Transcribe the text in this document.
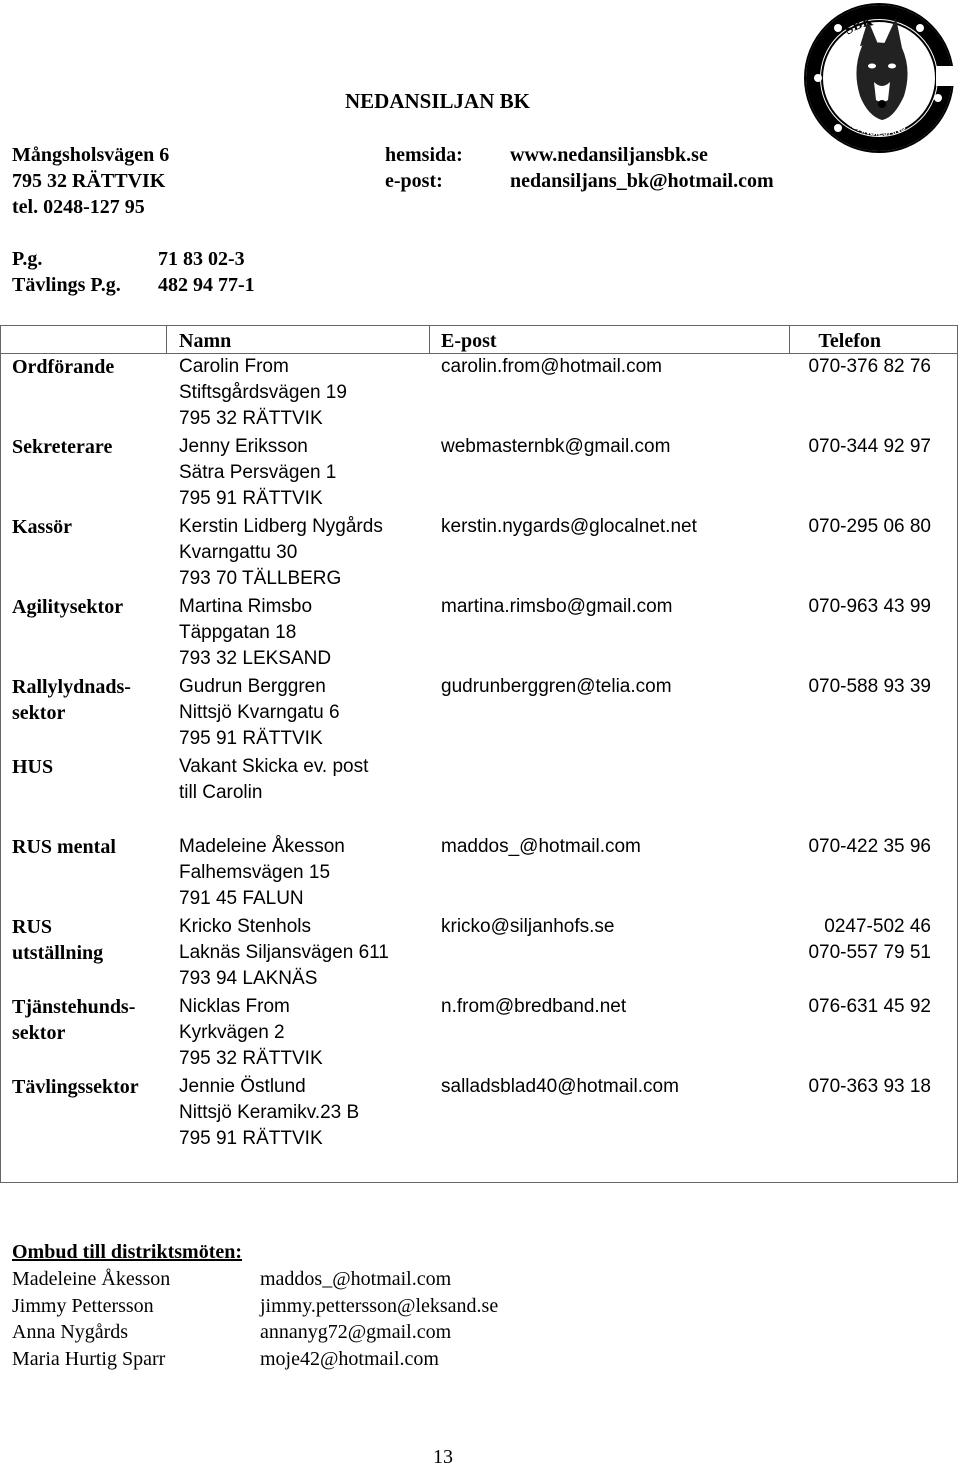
SBK
NEDANSILJANS
NEDANSILJAN BK
Mångsholsvägen 6
795 32 RÄTTVIK
tel. 0248-127 95
hemsida: www.nedansiljansbk.se
e-post:	nedansiljans_bk@hotmail.com
P.g.	71 83 02-3
Tävlings P.g. 482 94 77-1
Namn	E-post	Telefon
Ordförande	Carolin From
Stiftsgårdsvägen 19
795 32 RÄTTVIK
carolin.from@hotmail.com	070-376 82 76
Sekreterare	Jenny Eriksson
Sätra Persvägen 1
795 91 RÄTTVIK
webmasternbk@gmail.com	070-344 92 97
Kassör	Kerstin Lidberg Nygårds
Kvarngattu 30
793 70 TÄLLBERG
kerstin.nygards@glocalnet.net	070-295 06 80
Agilitysektor	Martina Rimsbo
Täppgatan 18
793 32 LEKSAND
martina.rimsbo@gmail.com	070-963 43 99
Rallylydnads-
sektor
Gudrun Berggren
Nittsjö Kvarngatu 6
795 91 RÄTTVIK
gudrunberggren@telia.com	070-588 93 39
HUS	Vakant Skicka ev. post
till Carolin
RUS mental	Madeleine Åkesson
Falhemsvägen 15
791 45 FALUN
maddos_@hotmail.com	070-422 35 96
RUS
utställning
Kricko Stenhols
Laknäs Siljansvägen 611
793 94 LAKNÄS
kricko@siljanhofs.se	0247-502 46
070-557 79 51
Tjänstehunds-
sektor
Nicklas From
Kyrkvägen 2
795 32 RÄTTVIK
n.from@bredband.net	076-631 45 92
Tävlingssektor Jennie Östlund
Nittsjö Keramikv.23 B
795 91 RÄTTVIK
salladsblad40@hotmail.com	070-363 93 18
Ombud till distriktsmöten:
Madeleine Åkesson	maddos_@hotmail.com
Jimmy Pettersson	jimmy.pettersson@leksand.se
Anna Nygårds	annanyg72@gmail.com
Maria Hurtig Sparr	moje42@hotmail.com
13
